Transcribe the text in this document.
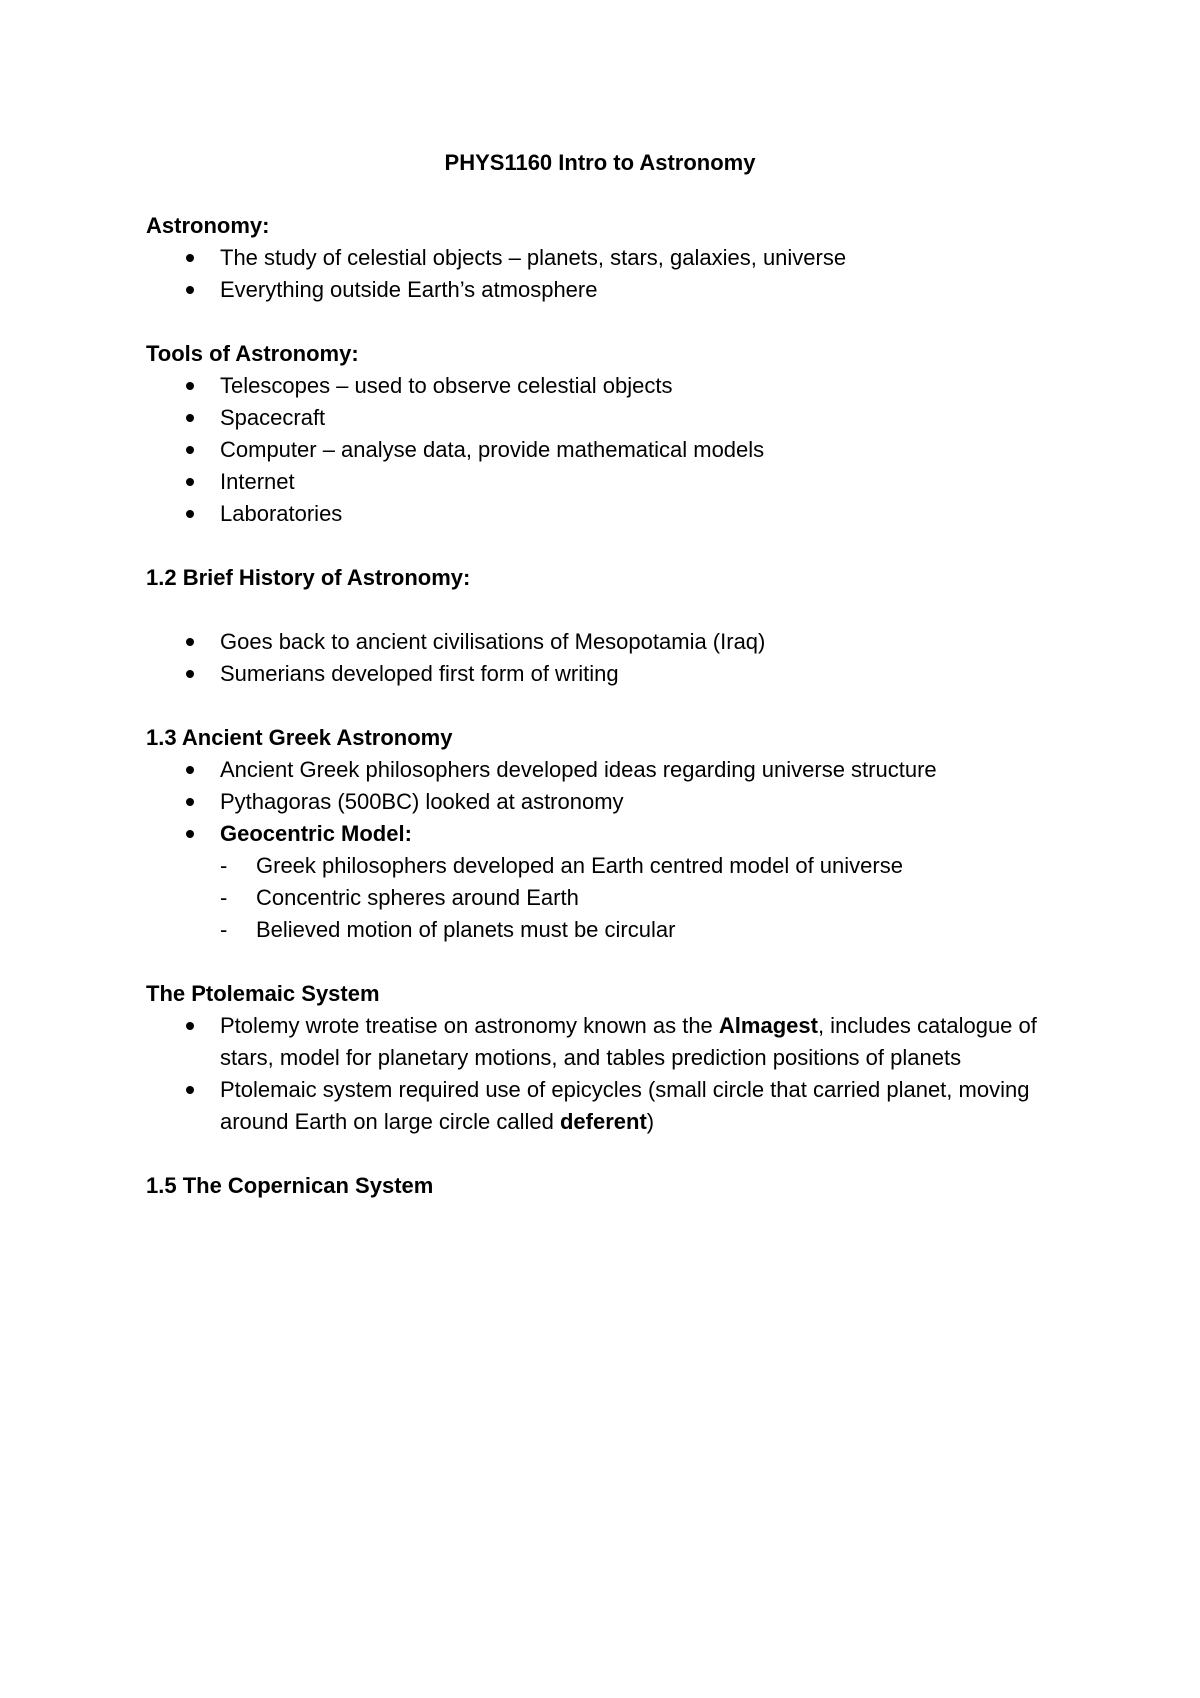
PHYS1160 Intro to Astronomy
Astronomy:
The study of celestial objects – planets, stars, galaxies, universe
Everything outside Earth’s atmosphere
Tools of Astronomy:
Telescopes – used to observe celestial objects
Spacecraft
Computer – analyse data, provide mathematical models
Internet
Laboratories
1.2 Brief History of Astronomy:
Goes back to ancient civilisations of Mesopotamia (Iraq)
Sumerians developed first form of writing
1.3 Ancient Greek Astronomy
Ancient Greek philosophers developed ideas regarding universe structure
Pythagoras (500BC) looked at astronomy
Geocentric Model:
- Greek philosophers developed an Earth centred model of universe
- Concentric spheres around Earth
- Believed motion of planets must be circular
The Ptolemaic System
Ptolemy wrote treatise on astronomy known as the Almagest, includes catalogue of stars, model for planetary motions, and tables prediction positions of planets
Ptolemaic system required use of epicycles (small circle that carried planet, moving around Earth on large circle called deferent)
1.5 The Copernican System
